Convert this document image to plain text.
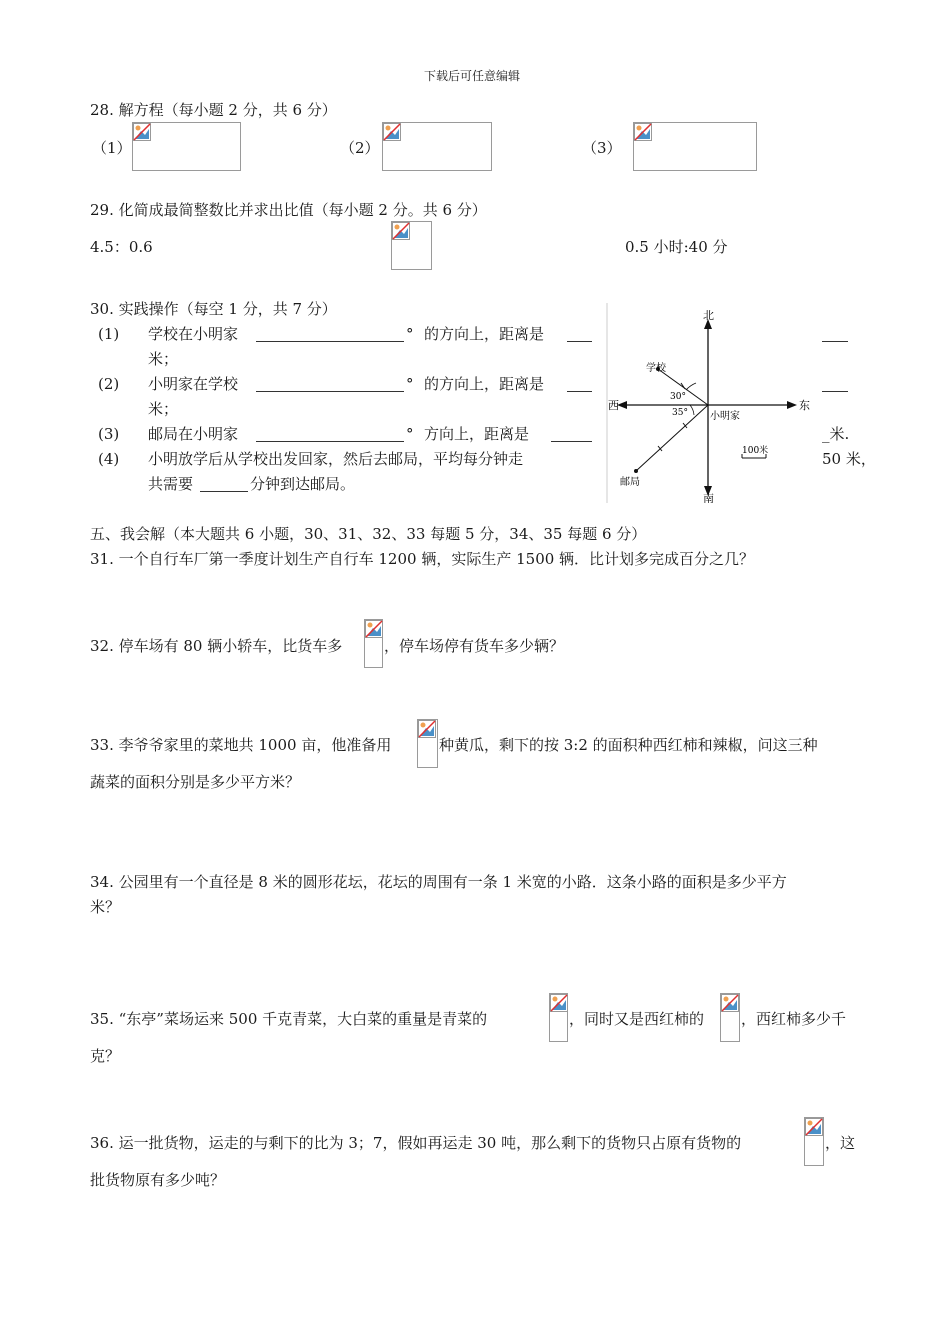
下载后可任意编辑
28. 解方程（每小题 2 分，共 6 分）
（1）	（2）	（3）
29. 化简成最简整数比并求出比值（每小题 2 分。共 6 分）
4.5：0.6	0.5 小时:40 分
30. 实践操作（每空 1 分，共 7 分）
(1) 学校在小明家	° 的方向上，距离是
米；
(2) 小明家在学校	° 的方向上，距离是
米；
(3) 邮局在小明家	° 方向上，距离是	_米.
(4) 小明放学后从学校出发回家，然后去邮局，平均每分钟走	50 米，
共需要	分钟到达邮局。
北
南
东
西
学校
小明家
邮局
30°
35°
100米
五、我会解（本大题共 6 小题，30、31、32、33 每题 5 分，34、35 每题 6 分）
31. 一个自行车厂第一季度计划生产自行车 1200 辆，实际生产 1500 辆．比计划多完成百分之几？
32. 停车场有 80 辆小轿车，比货车多	，停车场停有货车多少辆？
33. 李爷爷家里的菜地共 1000 亩，他准备用	种黄瓜，剩下的按 3:2 的面积种西红柿和辣椒，问这三种
蔬菜的面积分别是多少平方米？
34. 公园里有一个直径是 8 米的圆形花坛，花坛的周围有一条 1 米宽的小路．这条小路的面积是多少平方
米？
35. “东亭”菜场运来 500 千克青菜，大白菜的重量是青菜的	，同时又是西红柿的 ，西红柿多少千
克？
36. 运一批货物，运走的与剩下的比为 3；7，假如再运走 30 吨，那么剩下的货物只占原有货物的	，这
批货物原有多少吨？
